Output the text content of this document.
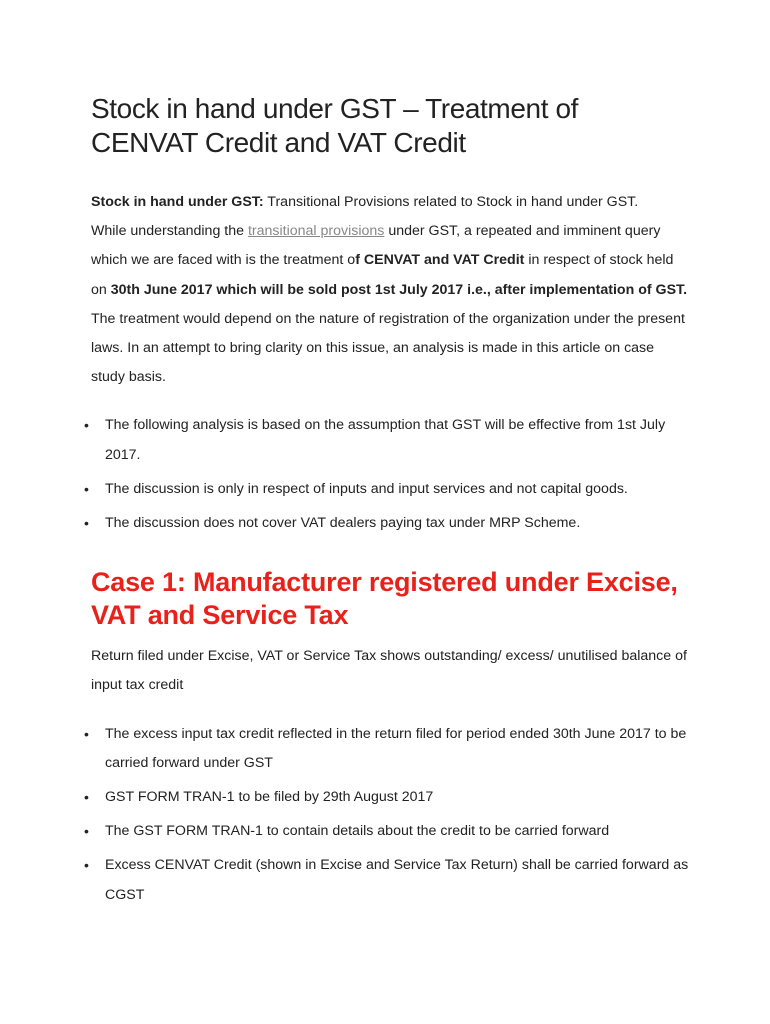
Stock in hand under GST – Treatment of CENVAT Credit and VAT Credit

Stock in hand under GST: Transitional Provisions related to Stock in hand under GST.

While understanding the transitional provisions under GST, a repeated and imminent query which we are faced with is the treatment of CENVAT and VAT Credit in respect of stock held on 30th June 2017 which will be sold post 1st July 2017 i.e., after implementation of GST.

The treatment would depend on the nature of registration of the organization under the present laws. In an attempt to bring clarity on this issue, an analysis is made in this article on case study basis.

• The following analysis is based on the assumption that GST will be effective from 1st July 2017.
• The discussion is only in respect of inputs and input services and not capital goods.
• The discussion does not cover VAT dealers paying tax under MRP Scheme.
Case 1: Manufacturer registered under Excise, VAT and Service Tax

Return filed under Excise, VAT or Service Tax shows outstanding/ excess/ unutilised balance of input tax credit

• The excess input tax credit reflected in the return filed for period ended 30th June 2017 to be carried forward under GST
• GST FORM TRAN-1 to be filed by 29th August 2017
• The GST FORM TRAN-1 to contain details about the credit to be carried forward
• Excess CENVAT Credit (shown in Excise and Service Tax Return) shall be carried forward as CGST
